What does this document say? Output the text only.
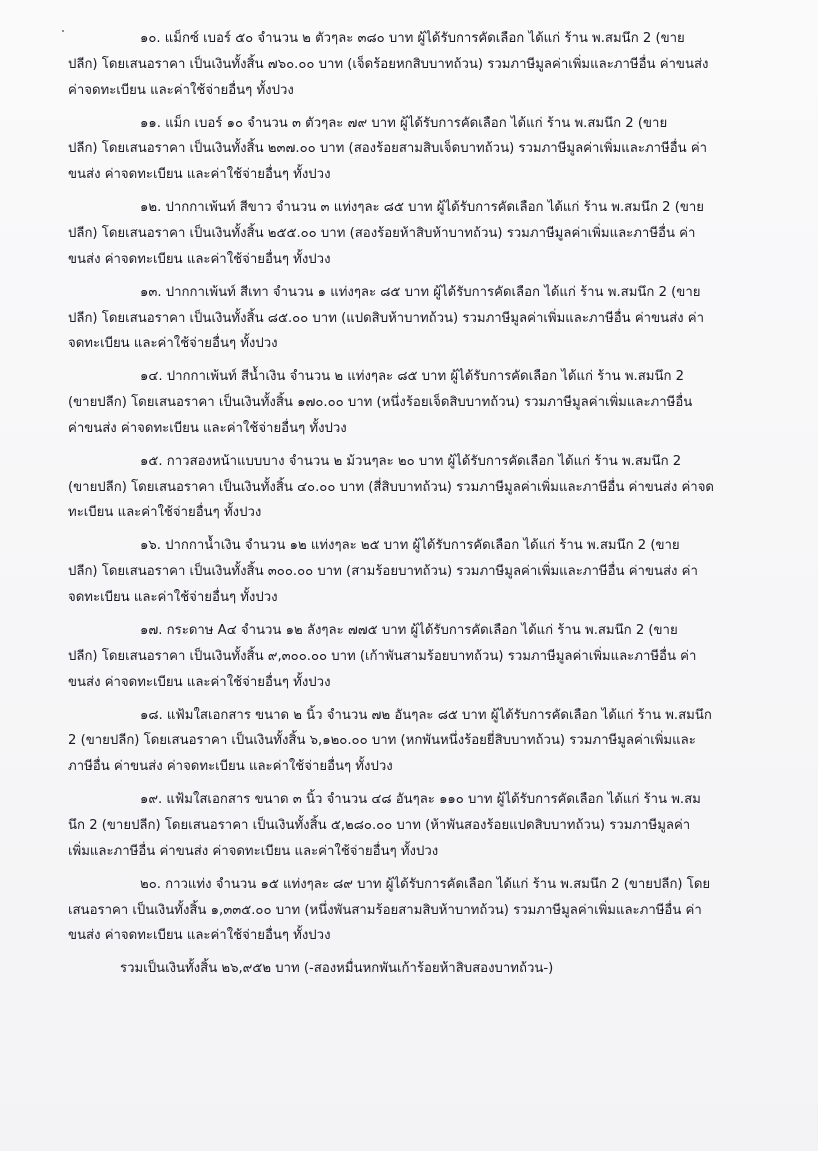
๑๐. แม็กซ์ เบอร์ ๕๐ จำนวน ๒ ตัวๆละ ๓๘๐ บาท ผู้ได้รับการคัดเลือก ได้แก่ ร้าน พ.สมนึก 2 (ขาย
ปลีก) โดยเสนอราคา เป็นเงินทั้งสิ้น ๗๖๐.๐๐ บาท (เจ็ดร้อยหกสิบบาทถ้วน) รวมภาษีมูลค่าเพิ่มและภาษีอื่น ค่าขนส่ง
ค่าจดทะเบียน และค่าใช้จ่ายอื่นๆ ทั้งปวง
๑๑. แม็ก เบอร์ ๑๐ จำนวน ๓ ตัวๆละ ๗๙ บาท ผู้ได้รับการคัดเลือก ได้แก่ ร้าน พ.สมนึก 2 (ขาย
ปลีก) โดยเสนอราคา เป็นเงินทั้งสิ้น ๒๓๗.๐๐ บาท (สองร้อยสามสิบเจ็ดบาทถ้วน) รวมภาษีมูลค่าเพิ่มและภาษีอื่น ค่า
ขนส่ง ค่าจดทะเบียน และค่าใช้จ่ายอื่นๆ ทั้งปวง
๑๒. ปากกาเพ้นท์ สีขาว จำนวน ๓ แท่งๆละ ๘๕ บาท ผู้ได้รับการคัดเลือก ได้แก่ ร้าน พ.สมนึก 2 (ขาย
ปลีก) โดยเสนอราคา เป็นเงินทั้งสิ้น ๒๕๕.๐๐ บาท (สองร้อยห้าสิบห้าบาทถ้วน) รวมภาษีมูลค่าเพิ่มและภาษีอื่น ค่า
ขนส่ง ค่าจดทะเบียน และค่าใช้จ่ายอื่นๆ ทั้งปวง
๑๓. ปากกาเพ้นท์ สีเทา จำนวน ๑ แท่งๆละ ๘๕ บาท ผู้ได้รับการคัดเลือก ได้แก่ ร้าน พ.สมนึก 2 (ขาย
ปลีก) โดยเสนอราคา เป็นเงินทั้งสิ้น ๘๕.๐๐ บาท (แปดสิบห้าบาทถ้วน) รวมภาษีมูลค่าเพิ่มและภาษีอื่น ค่าขนส่ง ค่า
จดทะเบียน และค่าใช้จ่ายอื่นๆ ทั้งปวง
๑๔. ปากกาเพ้นท์ สีน้ำเงิน จำนวน ๒ แท่งๆละ ๘๕ บาท ผู้ได้รับการคัดเลือก ได้แก่ ร้าน พ.สมนึก 2
(ขายปลีก) โดยเสนอราคา เป็นเงินทั้งสิ้น ๑๗๐.๐๐ บาท (หนึ่งร้อยเจ็ดสิบบาทถ้วน) รวมภาษีมูลค่าเพิ่มและภาษีอื่น
ค่าขนส่ง ค่าจดทะเบียน และค่าใช้จ่ายอื่นๆ ทั้งปวง
๑๕. กาวสองหน้าแบบบาง จำนวน ๒ ม้วนๆละ ๒๐ บาท ผู้ได้รับการคัดเลือก ได้แก่ ร้าน พ.สมนึก 2
(ขายปลีก) โดยเสนอราคา เป็นเงินทั้งสิ้น ๔๐.๐๐ บาท (สี่สิบบาทถ้วน) รวมภาษีมูลค่าเพิ่มและภาษีอื่น ค่าขนส่ง ค่าจด
ทะเบียน และค่าใช้จ่ายอื่นๆ ทั้งปวง
๑๖. ปากกาน้ำเงิน จำนวน ๑๒ แท่งๆละ ๒๕ บาท ผู้ได้รับการคัดเลือก ได้แก่ ร้าน พ.สมนึก 2 (ขาย
ปลีก) โดยเสนอราคา เป็นเงินทั้งสิ้น ๓๐๐.๐๐ บาท (สามร้อยบาทถ้วน) รวมภาษีมูลค่าเพิ่มและภาษีอื่น ค่าขนส่ง ค่า
จดทะเบียน และค่าใช้จ่ายอื่นๆ ทั้งปวง
๑๗. กระดาษ A๔ จำนวน ๑๒ ลังๆละ ๗๗๕ บาท ผู้ได้รับการคัดเลือก ได้แก่ ร้าน พ.สมนึก 2 (ขาย
ปลีก) โดยเสนอราคา เป็นเงินทั้งสิ้น ๙,๓๐๐.๐๐ บาท (เก้าพันสามร้อยบาทถ้วน) รวมภาษีมูลค่าเพิ่มและภาษีอื่น ค่า
ขนส่ง ค่าจดทะเบียน และค่าใช้จ่ายอื่นๆ ทั้งปวง
๑๘. แฟ้มใสเอกสาร ขนาด ๒ นิ้ว จำนวน ๗๒ อันๆละ ๘๕ บาท ผู้ได้รับการคัดเลือก ได้แก่ ร้าน พ.สมนึก
2 (ขายปลีก) โดยเสนอราคา เป็นเงินทั้งสิ้น ๖,๑๒๐.๐๐ บาท (หกพันหนึ่งร้อยยี่สิบบาทถ้วน) รวมภาษีมูลค่าเพิ่มและ
ภาษีอื่น ค่าขนส่ง ค่าจดทะเบียน และค่าใช้จ่ายอื่นๆ ทั้งปวง
๑๙. แฟ้มใสเอกสาร ขนาด ๓ นิ้ว จำนวน ๔๘ อันๆละ ๑๑๐ บาท ผู้ได้รับการคัดเลือก ได้แก่ ร้าน พ.สม
นึก 2 (ขายปลีก) โดยเสนอราคา เป็นเงินทั้งสิ้น ๕,๒๘๐.๐๐ บาท (ห้าพันสองร้อยแปดสิบบาทถ้วน) รวมภาษีมูลค่า
เพิ่มและภาษีอื่น ค่าขนส่ง ค่าจดทะเบียน และค่าใช้จ่ายอื่นๆ ทั้งปวง
๒๐. กาวแท่ง จำนวน ๑๕ แท่งๆละ ๘๙ บาท ผู้ได้รับการคัดเลือก ได้แก่ ร้าน พ.สมนึก 2 (ขายปลีก) โดย
เสนอราคา เป็นเงินทั้งสิ้น ๑,๓๓๕.๐๐ บาท (หนึ่งพันสามร้อยสามสิบห้าบาทถ้วน) รวมภาษีมูลค่าเพิ่มและภาษีอื่น ค่า
ขนส่ง ค่าจดทะเบียน และค่าใช้จ่ายอื่นๆ ทั้งปวง
รวมเป็นเงินทั้งสิ้น ๒๖,๙๕๒ บาท (-สองหมื่นหกพันเก้าร้อยห้าสิบสองบาทถ้วน-)
